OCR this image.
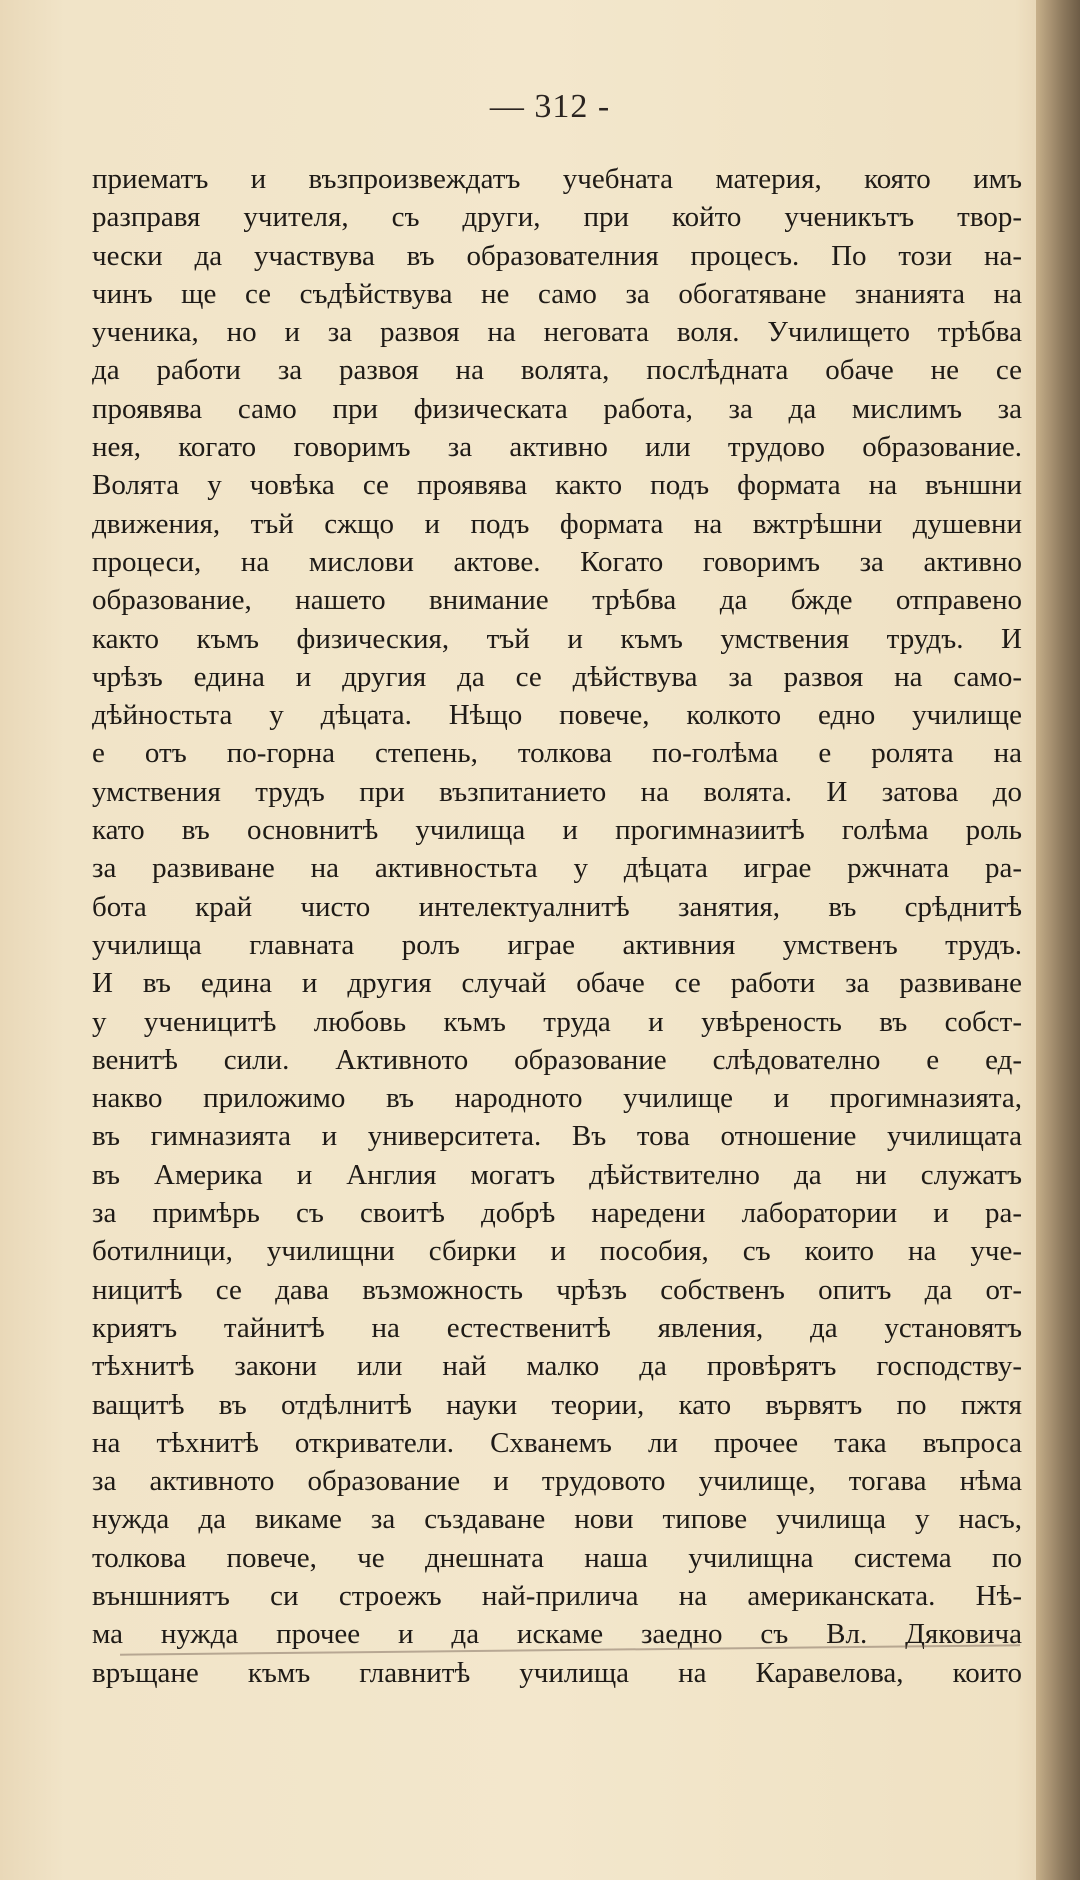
— 312 -
приематъ и възпроизвеждатъ учебната материя, която имъ
разправя учителя, съ други, при който ученикътъ твор-
чески да участвува въ образователния процесъ. По този на-
чинъ ще се съдѣйствува не само за обогатяване знанията на
ученика, но и за развоя на неговата воля. Училището трѣбва
да работи за развоя на волята, послѣдната обаче не се
проявява само при физическата работа, за да мислимъ за
нея, когато говоримъ за активно или трудово образование.
Волята у човѣка се проявява както подъ формата на външни
движения, тъй сжщо и подъ формата на вжтрѣшни душевни
процеси, на мислови актове. Когато говоримъ за активно
образование, нашето внимание трѣбва да бжде отправено
както къмъ физическия, тъй и къмъ умствения трудъ. И
чрѣзъ единa и другия да се дѣйствува за развоя на само-
дѣйностьта у дѣцата. Нѣщо повече, колкото едно училище
е отъ по-горна степень, толкова по-голѣма е ролята на
умствения трудъ при възпитанието на волята. И затова до
като въ основнитѣ училища и прогимназиитѣ голѣма роль
за развиване на активностьта у дѣцата играе ржчната ра-
бота край чисто интелектуалнитѣ занятия, въ срѣднитѣ
училища главната ролъ играе активния умственъ трудъ.
И въ единa и другия случай обаче се работи за развиване
у ученицитѣ любовь къмъ труда и увѣреность въ собст-
венитѣ сили. Активното образование слѣдователно е ед-
накво приложимо въ народното училище и прогимназията,
въ гимназията и университета. Въ това отношение училищата
въ Америка и Англия могатъ дѣйствително да ни служатъ
за примѣрь съ своитѣ добрѣ наредени лаборатории и ра-
ботилници, училищни сбирки и пособия, съ които на уче-
ницитѣ се дава възможность чрѣзъ собственъ опитъ да от-
криятъ тайнитѣ на естественитѣ явления, да установятъ
тѣхнитѣ закони или най малко да провѣрятъ господству-
ващитѣ въ отдѣлнитѣ науки теории, като вървятъ по пжтя
на тѣхнитѣ откриватели. Схванемъ ли прочее така въпроса
за активното образование и трудовото училище, тогава нѣма
нужда да викаме за създаване нови типове училища у насъ,
толкова повече, че днешната наша училищна система по
външниятъ си строежъ най-прилича на американската. Нѣ-
ма нужда прочее и да искаме заедно съ Вл. Дяковича
връщане къмъ главнитѣ училища на Каравелова, които
